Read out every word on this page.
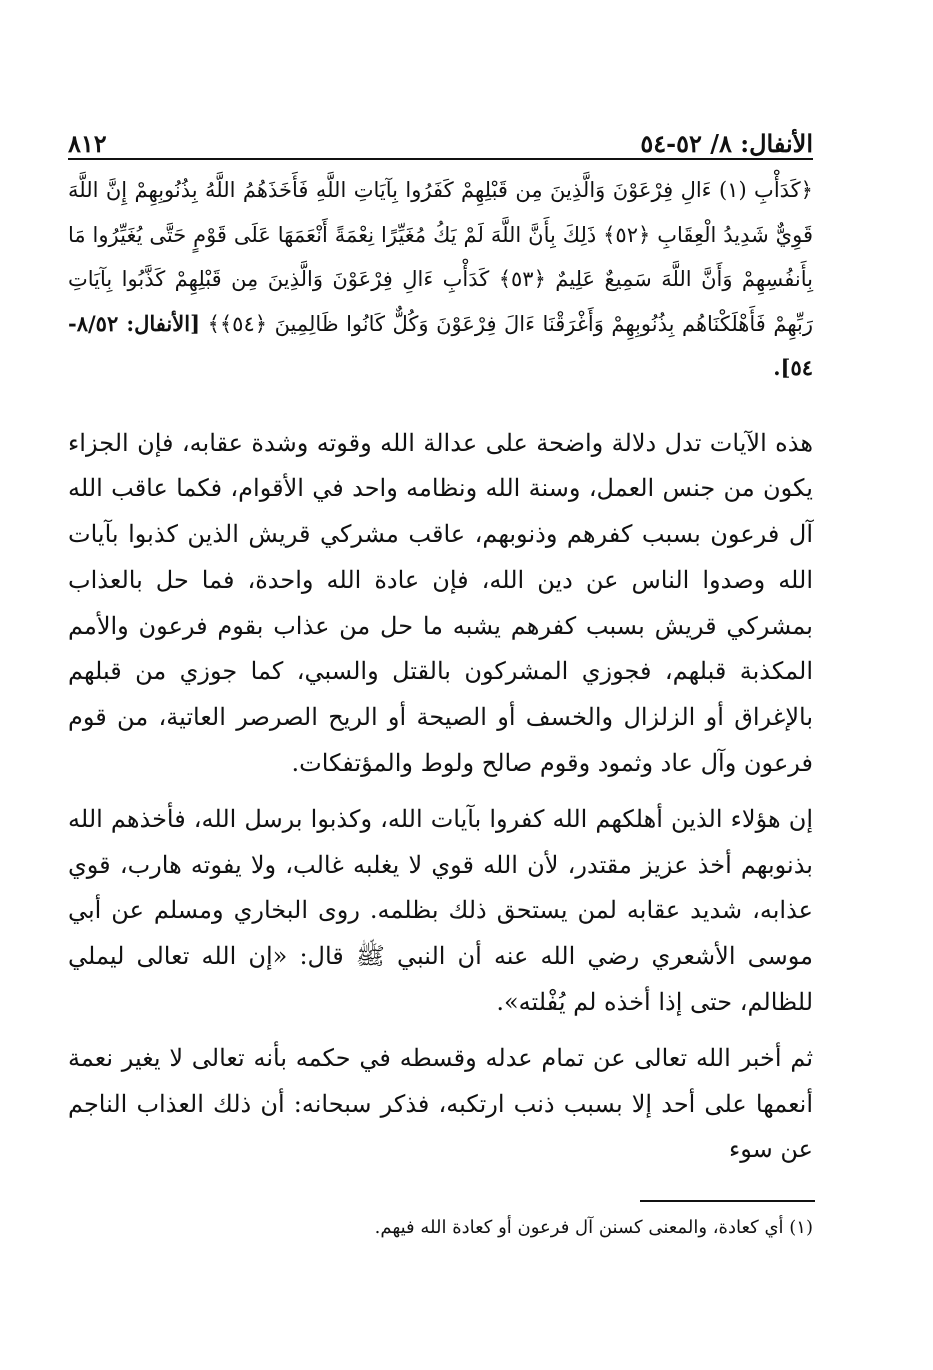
الأنفال: ٨/ ٥٢-٥٤
٨١٢
﴿كَدَأْبِ (١) ءَالِ فِرْعَوْنَ وَالَّذِينَ مِن قَبْلِهِمْ كَفَرُوا بِآيَاتِ اللَّهِ فَأَخَذَهُمُ اللَّهُ بِذُنُوبِهِمْ إِنَّ اللَّهَ قَوِيٌّ شَدِيدُ الْعِقَابِ ﴿٥٢﴾ ذَلِكَ بِأَنَّ اللَّهَ لَمْ يَكُ مُغَيِّرًا نِعْمَةً أَنْعَمَهَا عَلَى قَوْمٍ حَتَّى يُغَيِّرُوا مَا بِأَنفُسِهِمْ وَأَنَّ اللَّهَ سَمِيعٌ عَلِيمٌ ﴿٥٣﴾ كَدَأْبِ ءَالِ فِرْعَوْنَ وَالَّذِينَ مِن قَبْلِهِمْ كَذَّبُوا بِآيَاتِ رَبِّهِمْ فَأَهْلَكْنَاهُم بِذُنُوبِهِمْ وَأَغْرَقْنَا ءَالَ فِرْعَوْنَ وَكُلٌّ كَانُوا ظَالِمِينَ ﴿٥٤﴾﴾ [الأنفال: ٨/٥٢- ٥٤].

هذه الآيات تدل دلالة واضحة على عدالة الله وقوته وشدة عقابه، فإن الجزاء يكون من جنس العمل، وسنة الله ونظامه واحد في الأقوام، فكما عاقب الله آل فرعون بسبب كفرهم وذنوبهم، عاقب مشركي قريش الذين كذبوا بآيات الله وصدوا الناس عن دين الله، فإن عادة الله واحدة، فما حل بالعذاب بمشركي قريش بسبب كفرهم يشبه ما حل من عذاب بقوم فرعون والأمم المكذبة قبلهم، فجوزي المشركون بالقتل والسبي، كما جوزي من قبلهم بالإغراق أو الزلزال والخسف أو الصيحة أو الريح الصرصر العاتية، من قوم فرعون وآل عاد وثمود وقوم صالح ولوط والمؤتفكات.

إن هؤلاء الذين أهلكهم الله كفروا بآيات الله، وكذبوا برسل الله، فأخذهم الله بذنوبهم أخذ عزيز مقتدر، لأن الله قوي لا يغلبه غالب، ولا يفوته هارب، قوي عذابه، شديد عقابه لمن يستحق ذلك بظلمه. روى البخاري ومسلم عن أبي موسى الأشعري رضي الله عنه أن النبي ﷺ قال: «إن الله تعالى ليملي للظالم، حتى إذا أخذه لم يُفْلته».

ثم أخبر الله تعالى عن تمام عدله وقسطه في حكمه بأنه تعالى لا يغير نعمة أنعمها على أحد إلا بسبب ذنب ارتكبه، فذكر سبحانه: أن ذلك العذاب الناجم عن سوء

(١) أي كعادة، والمعنى كسنن آل فرعون أو كعادة الله فيهم.
